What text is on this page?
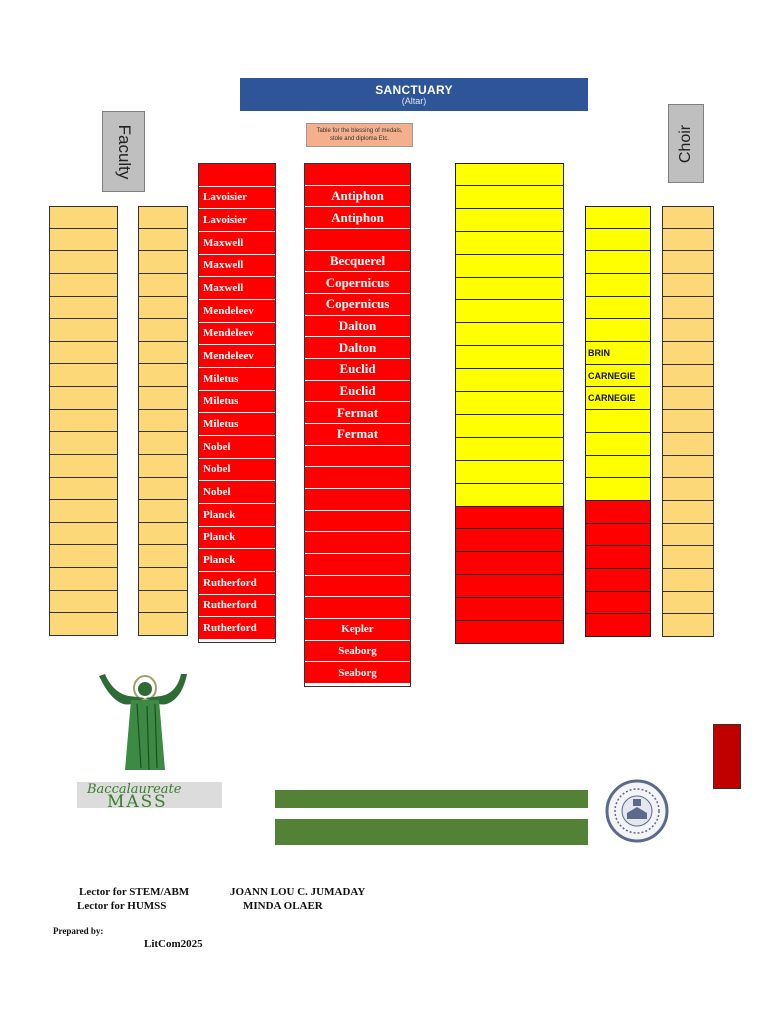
SANCTUARY
(Altar)
Table for the blessing of medals,
stole and diploma Etc.
Faculty	Choir
Lavoisier
Lavoisier
Maxwell
Maxwell
Maxwell
Mendeleev
Mendeleev
Mendeleev
Miletus
Miletus
Miletus
Nobel
Nobel
Nobel
Planck
Planck
Planck
Rutherford
Rutherford
Rutherford
Antiphon
Antiphon
Becquerel
Copernicus
Copernicus
Dalton
Dalton
Euclid
Euclid
Fermat
Fermat
Kepler
Seaborg
Seaborg
BRIN
CARNEGIE
CARNEGIE
Baccalaureate
MASS
Lector for STEM/ABM	JOANN LOU C. JUMADAY
Lector for HUMSS	MINDA OLAER
Prepared by:
LitCom2025
